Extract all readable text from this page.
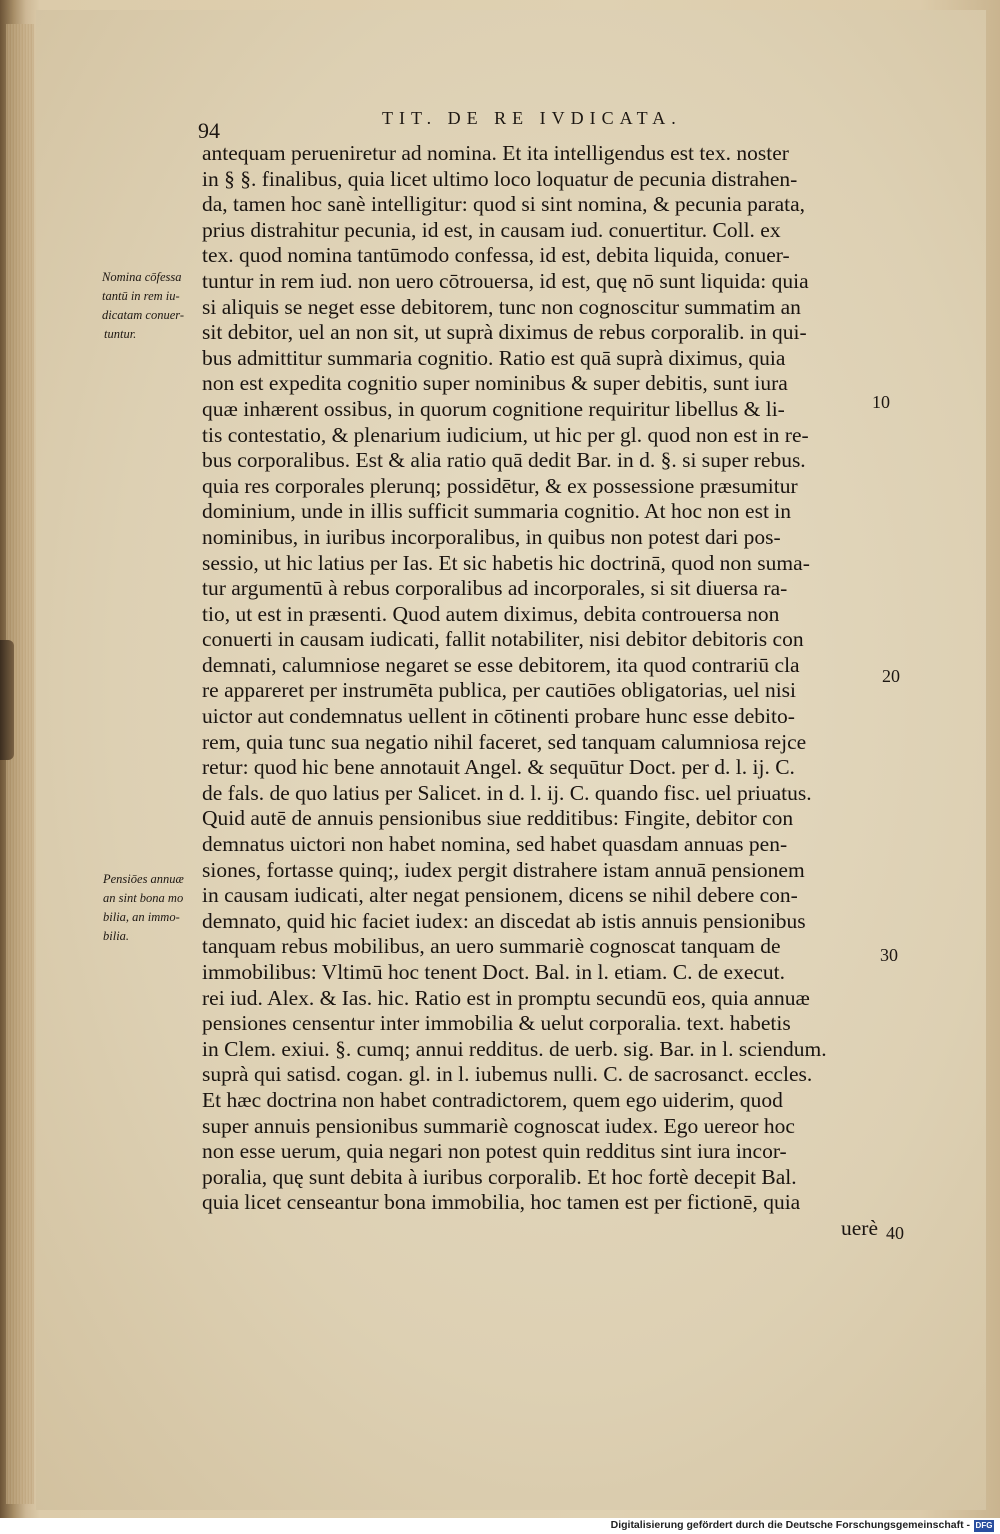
94	TIT. DE RE IVDICATA.
antequam perueniretur ad nomina. Et ita intelligendus est tex. noster
in § §. finalibus, quia licet ultimo loco loquatur de pecunia distrahen-
da, tamen hoc sanè intelligitur: quod si sint nomina, & pecunia parata,
prius distrahitur pecunia, id est, in causam iud. conuertitur. Coll. ex
tex. quod nomina tantūmodo confessa, id est, debita liquida, conuer-
tuntur in rem iud. non uero cōtrouersa, id est, quę nō sunt liquida: quia
si aliquis se neget esse debitorem, tunc non cognoscitur summatim an
sit debitor, uel an non sit, ut suprà diximus de rebus corporalib. in qui-
bus admittitur summaria cognitio. Ratio est quā suprà diximus, quia
non est expedita cognitio super nominibus & super debitis, sunt iura
quæ inhærent ossibus, in quorum cognitione requiritur libellus & li-
tis contestatio, & plenarium iudicium, ut hic per gl. quod non est in re-
bus corporalibus. Est & alia ratio quā dedit Bar. in d. §. si super rebus.
quia res corporales plerunq; possidētur, & ex possessione præsumitur
dominium, unde in illis sufficit summaria cognitio. At hoc non est in
nominibus, in iuribus incorporalibus, in quibus non potest dari pos-
sessio, ut hic latius per Ias. Et sic habetis hic doctrinā, quod non suma-
tur argumentū à rebus corporalibus ad incorporales, si sit diuersa ra-
tio, ut est in præsenti. Quod autem diximus, debita controuersa non
conuerti in causam iudicati, fallit notabiliter, nisi debitor debitoris con
demnati, calumniose negaret se esse debitorem, ita quod contrariū cla
re appareret per instrumēta publica, per cautiōes obligatorias, uel nisi
uictor aut condemnatus uellent in cōtinenti probare hunc esse debito-
rem, quia tunc sua negatio nihil faceret, sed tanquam calumniosa rejce
retur: quod hic bene annotauit Angel. & sequūtur Doct. per d. l. ij. C.
de fals. de quo latius per Salicet. in d. l. ij. C. quando fisc. uel priuatus.
Quid autē de annuis pensionibus siue redditibus: Fingite, debitor con
demnatus uictori non habet nomina, sed habet quasdam annuas pen-
siones, fortasse quinq;, iudex pergit distrahere istam annuā pensionem
in causam iudicati, alter negat pensionem, dicens se nihil debere con-
demnato, quid hic faciet iudex: an discedat ab istis annuis pensionibus
tanquam rebus mobilibus, an uero summariè cognoscat tanquam de
immobilibus: Vltimū hoc tenent Doct. Bal. in l. etiam. C. de execut.
rei iud. Alex. & Ias. hic. Ratio est in promptu secundū eos, quia annuæ
pensiones censentur inter immobilia & uelut corporalia. text. habetis
in Clem. exiui. §. cumq; annui redditus. de uerb. sig. Bar. in l. sciendum.
suprà qui satisd. cogan. gl. in l. iubemus nulli. C. de sacrosanct. eccles.
Et hæc doctrina non habet contradictorem, quem ego uiderim, quod
super annuis pensionibus summariè cognoscat iudex. Ego uereor hoc
non esse uerum, quia negari non potest quin redditus sint iura incor-
poralia, quę sunt debita à iuribus corporalib. Et hoc fortè decepit Bal.
quia licet censeantur bona immobilia, hoc tamen est per fictionē, quia
uerè
Nomina cōfessa
tantū in rem iu-
dicatam conuer-
tuntur.
Pensiōes annuæ
an sint bona mo
bilia, an immo-
bilia.
10
20
30
40
Digitalisierung gefördert durch die Deutsche Forschungsgemeinschaft - DFG
